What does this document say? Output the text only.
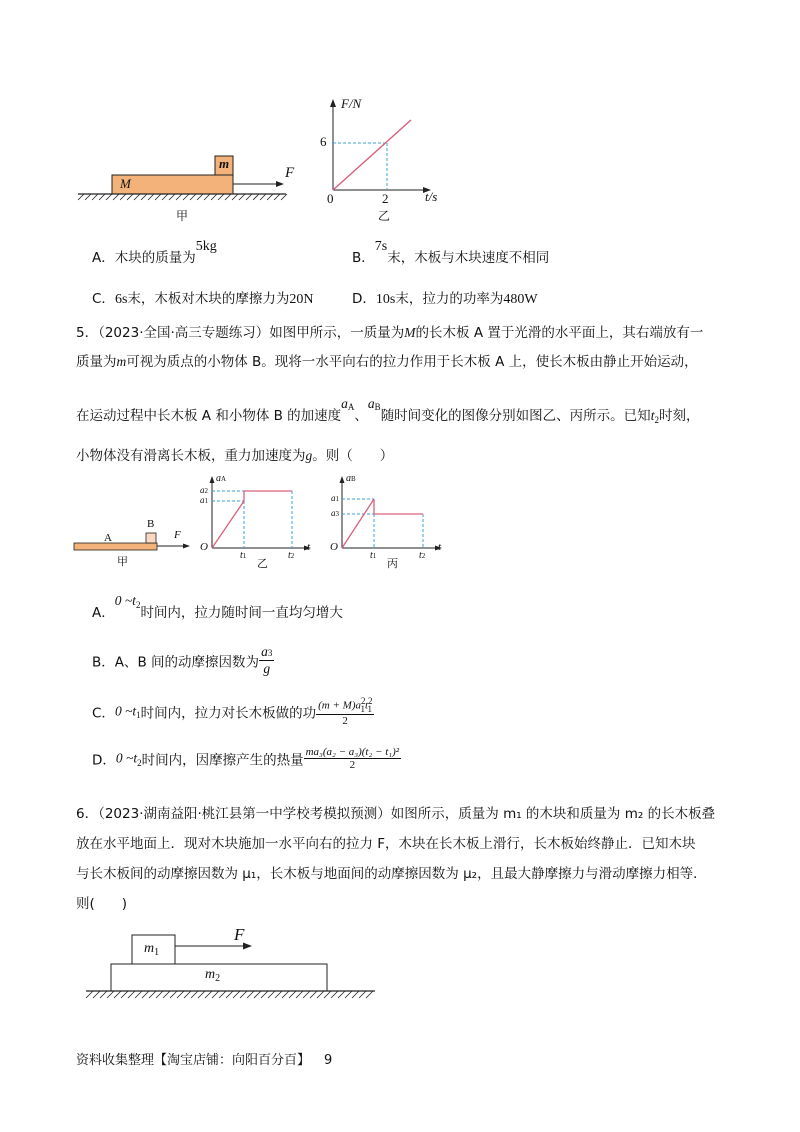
M
m
F
甲
F/N
t/s
0
6
2
乙
A．木块的质量为5kg
B．7s末，木板与木块速度不相同
C．6s末，木板对木块的摩擦力为20N	D．10s末，拉力的功率为480W
5．（2023·全国·高三专题练习）如图甲所示，一质量为M的长木板 A 置于光滑的水平面上，其右端放有一
质量为m可视为质点的小物体 B。现将一水平向右的拉力作用于长木板 A 上，使长木板由静止开始运动，
在运动过程中长木板 A 和小物体 B 的加速度$a^A$、$a^B$随时间变化的图像分别如图乙、丙所示。已知$t_2$时刻，
小物体没有滑离长木板，重力加速度为g。则（　　）
A
B
F
甲
aA
a2
a1
O
t1	t2
t
乙
aB
a1
a3
O
t1	t2
t
丙
A．0 $\sim t^2$时间内，拉力随时间一直均匀增大
B．A、B 间的动摩擦因数为 $\frac{a3}{g}$
C．0 $\sim t_1$时间内，拉力对长木板做的功 $\frac{(m + M)a^2_1t^2_1}{2}$
D．0 $\sim t_2$时间内，因摩擦产生的热量 $\frac{\text{ma₃(a₂ − a₃)(t₂ − t₁)²}}{2}$
6．（2023·湖南益阳·桃江县第一中学校考模拟预测）如图所示，质量为 m₁ 的木块和质量为 m₂ 的长木板叠
放在水平地面上．现对木块施加一水平向右的拉力 F，木块在长木板上滑行，长木板始终静止．已知木块
与长木板间的动摩擦因数为 μ₁，长木板与地面间的动摩擦因数为 μ₂，且最大静摩擦力与滑动摩擦力相等．
则(　　)
$m_1$
$m_2$
F
资料收集整理【淘宝店铺：向阳百分百】 9
